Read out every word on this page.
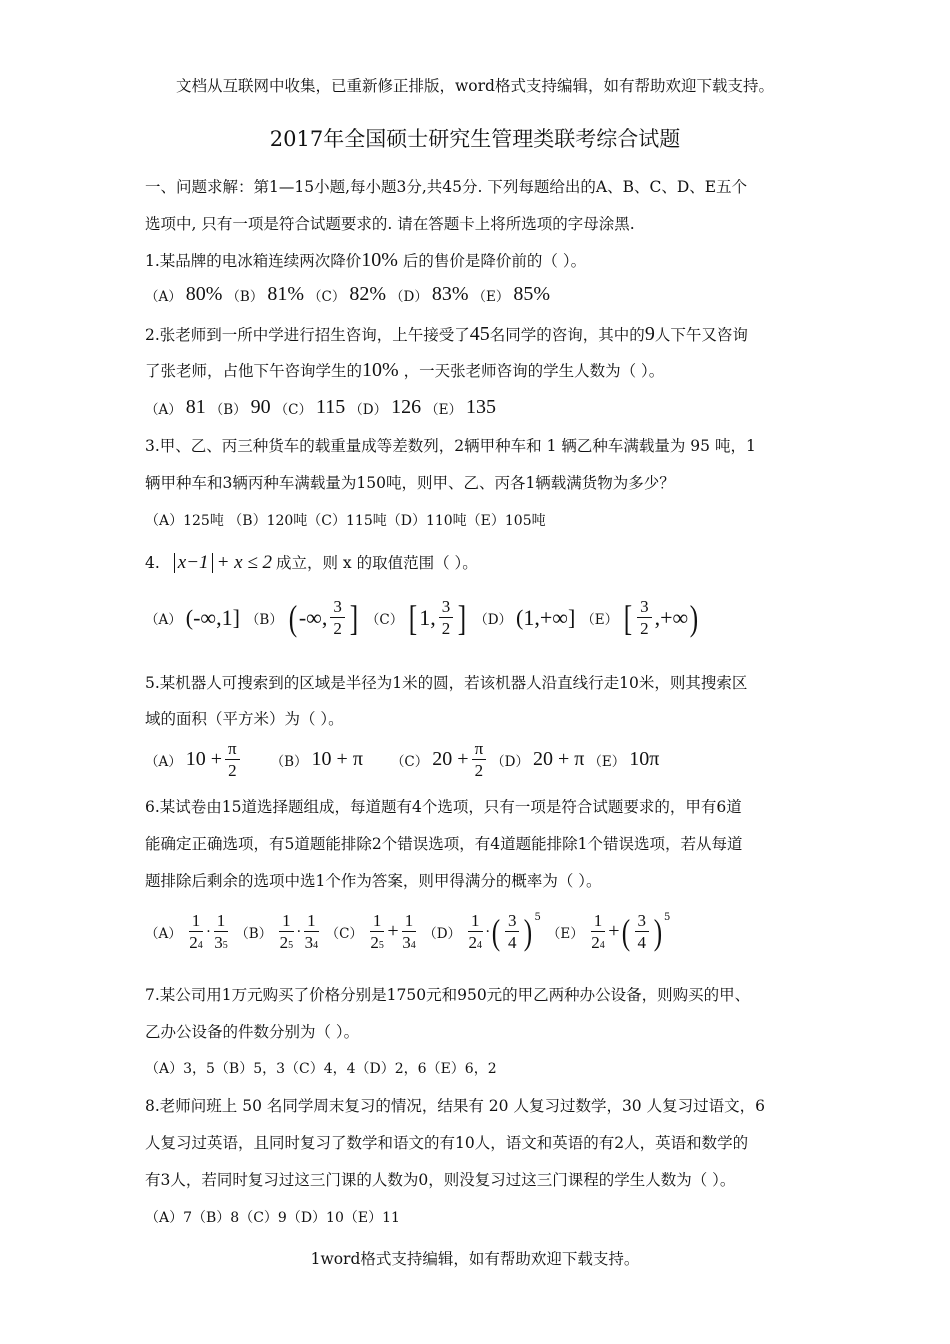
文档从互联网中收集，已重新修正排版，word格式支持编辑，如有帮助欢迎下载支持。
2017年全国硕士研究生管理类联考综合试题
一、问题求解：第1—15小题,每小题3分,共45分. 下列每题给出的A、B、C、D、E五个
选项中, 只有一项是符合试题要求的. 请在答题卡上将所选项的字母涂黑.
1.某品牌的电冰箱连续两次降价10% 后的售价是降价前的（ ）。
（A） 80% （B） 81% （C） 82% （D） 83% （E） 85%
2.张老师到一所中学进行招生咨询，上午接受了45名同学的咨询，其中的9人下午又咨询
了张老师，占他下午咨询学生的10% ，一天张老师咨询的学生人数为（ ）。
（A） 81 （B） 90 （C） 115 （D） 126 （E） 135
3.甲、乙、丙三种货车的载重量成等差数列，2辆甲种车和 1 辆乙种车满载量为 95 吨，1
辆甲种车和3辆丙种车满载量为150吨，则甲、乙、丙各1辆载满货物为多少？
（A）125吨 （B）120吨（C）115吨（D）110吨（E）105吨
4. x−1 + x ≤ 2 成立，则 x 的取值范围（ ）。
（A） (-∞,1] （B） ( -∞, $\frac{3}{2}$ ] （C） [ 1, $\frac{3}{2}$ ] （D） (1,+∞] （E） [ $\frac{3}{2}$ ,+∞ )
5.某机器人可搜索到的区域是半径为1米的圆，若该机器人沿直线行走10米，则其搜索区
域的面积（平方米）为（ ）。
（A） $10 + \frac{\pi}{2} (B) 10 + \pi$ （C） $20 + \frac{\pi}{2} (D) 20 + \pi$ （E） 10π
6.某试卷由15道选择题组成，每道题有4个选项，只有一项是符合试题要求的，甲有6道
能确定正确选项，有5道题能排除2个错误选项，有4道题能排除1个错误选项，若从每道
题排除后剩余的选项中选1个作为答案，则甲得满分的概率为（ ）。
$(A) \frac{1}{24} \cdot \frac{1}{35} (B) \frac{1}{25} \cdot \frac{1}{34} (C) \frac{1}{25} + \frac{1}{34} (D) \frac{1}{24}$ · ( $\frac{3}{4}$ ) 5
$(E) \frac{1}{24}$ + ( $\frac{3}{4}$ ) 5
7.某公司用1万元购买了价格分别是1750元和950元的甲乙两种办公设备，则购买的甲、
乙办公设备的件数分别为（ ）。
（A）3，5（B）5，3（C）4，4（D）2，6（E）6，2
8.老师问班上 50 名同学周末复习的情况，结果有 20 人复习过数学，30 人复习过语文，6
人复习过英语，且同时复习了数学和语文的有10人，语文和英语的有2人，英语和数学的
有3人，若同时复习过这三门课的人数为0，则没复习过这三门课程的学生人数为（ ）。
（A）7（B）8（C）9（D）10（E）11
1word格式支持编辑，如有帮助欢迎下载支持。
